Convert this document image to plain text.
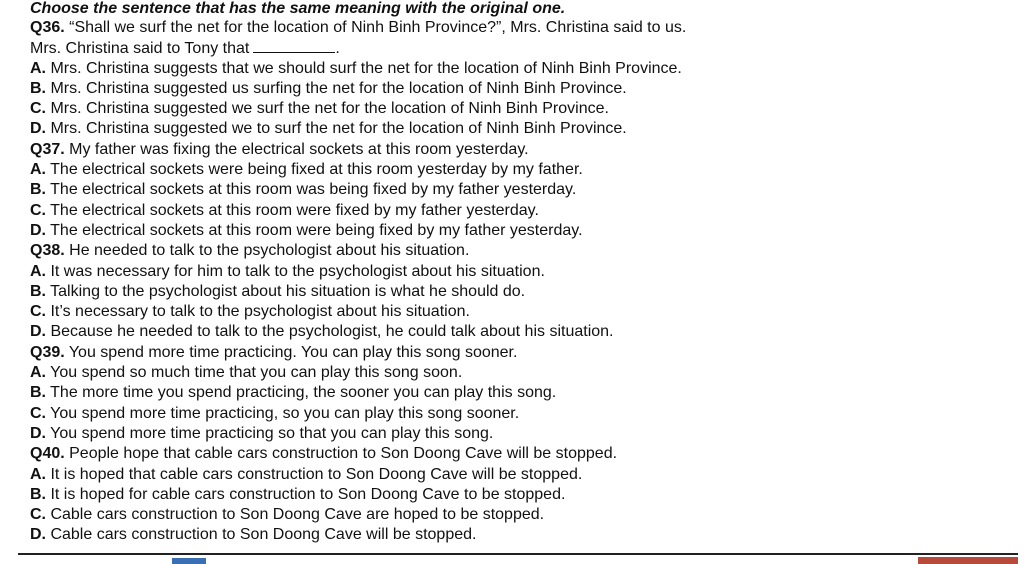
Choose the sentence that has the same meaning with the original one.

Q36. “Shall we surf the net for the location of Ninh Binh Province?”, Mrs. Christina said to us.

Mrs. Christina said to Tony that	.

A. Mrs. Christina suggests that we should surf the net for the location of Ninh Binh Province.

B. Mrs. Christina suggested us surfing the net for the location of Ninh Binh Province.

C. Mrs. Christina suggested we surf the net for the location of Ninh Binh Province.

D. Mrs. Christina suggested we to surf the net for the location of Ninh Binh Province.

Q37. My father was fixing the electrical sockets at this room yesterday.

A. The electrical sockets were being fixed at this room yesterday by my father.

B. The electrical sockets at this room was being fixed by my father yesterday.

C. The electrical sockets at this room were fixed by my father yesterday.

D. The electrical sockets at this room were being fixed by my father yesterday.

Q38. He needed to talk to the psychologist about his situation.

A. It was necessary for him to talk to the psychologist about his situation.

B. Talking to the psychologist about his situation is what he should do.

C. It’s necessary to talk to the psychologist about his situation.

D. Because he needed to talk to the psychologist, he could talk about his situation.

Q39. You spend more time practicing. You can play this song sooner.

A. You spend so much time that you can play this song soon.

B. The more time you spend practicing, the sooner you can play this song.

C. You spend more time practicing, so you can play this song sooner.

D. You spend more time practicing so that you can play this song.

Q40. People hope that cable cars construction to Son Doong Cave will be stopped.

A. It is hoped that cable cars construction to Son Doong Cave will be stopped.

B. It is hoped for cable cars construction to Son Doong Cave to be stopped.

C. Cable cars construction to Son Doong Cave are hoped to be stopped.

D. Cable cars construction to Son Doong Cave will be stopped.
